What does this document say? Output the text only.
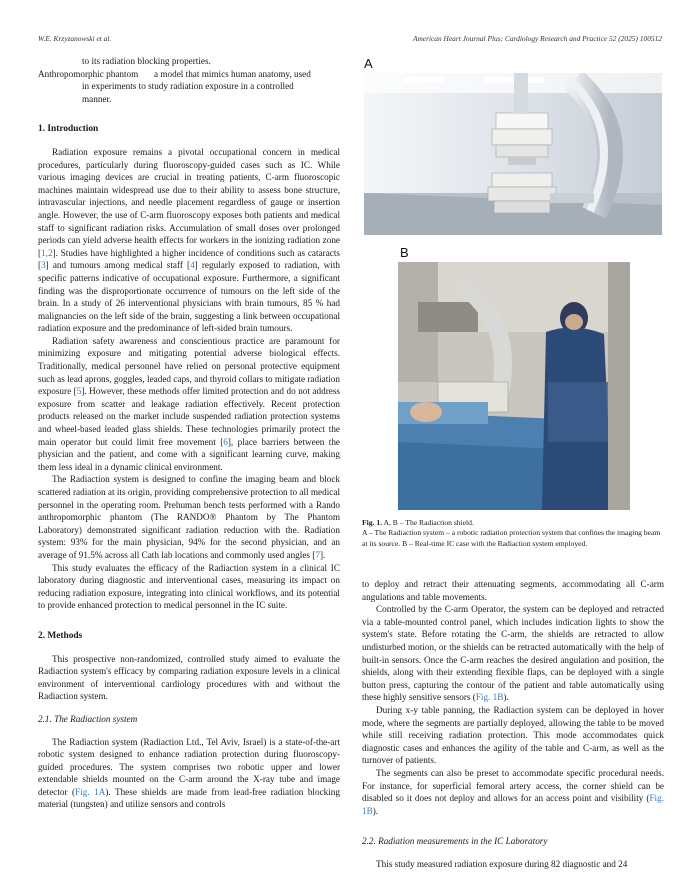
W.E. Krzyzanowski et al.	American Heart Journal Plus: Cardiology Research and Practice 52 (2025) 100512

to its radiation blocking properties.

Anthropomorphic phantom a model that mimics human anatomy, used

in experiments to study radiation exposure in a controlled

manner.

1. Introduction

Radiation exposure remains a pivotal occupational concern in medical procedures, particularly during fluoroscopy-guided cases such as IC. While various imaging devices are crucial in treating patients, C-arm fluoroscopic machines maintain widespread use due to their ability to assess bone structure, intravascular injections, and needle placement regardless of gauge or insertion angle. However, the use of C-arm fluoroscopy exposes both patients and medical staff to significant radiation risks. Accumulation of small doses over prolonged periods can yield adverse health effects for workers in the ionizing radiation zone [1,2]. Studies have highlighted a higher incidence of conditions such as cataracts [3] and tumours among medical staff [4] regularly exposed to radiation, with specific patterns indicative of occupational exposure. Furthermore, a significant finding was the disproportionate occurrence of tumours on the left side of the brain. In a study of 26 interventional physicians with brain tumours, 85 % had malignancies on the left side of the brain, suggesting a link between occupational radiation exposure and the predominance of left-sided brain tumours.

Radiation safety awareness and conscientious practice are paramount for minimizing exposure and mitigating potential adverse biological effects. Traditionally, medical personnel have relied on personal protective equipment such as lead aprons, goggles, leaded caps, and thyroid collars to mitigate radiation exposure [5]. However, these methods offer limited protection and do not address exposure from scatter and leakage radiation effectively. Recent protection products released on the market include suspended radiation protection systems and wheel-based leaded glass shields. These technologies primarily protect the main operator but could limit free movement [6], place barriers between the physician and the patient, and come with a significant learning curve, making them less ideal in a dynamic clinical environment.

The Radiaction system is designed to confine the imaging beam and block scattered radiation at its origin, providing comprehensive protection to all medical personnel in the operating room. Prehuman bench tests performed with a Rando anthropomorphic phantom (The RANDO® Phantom by The Phantom Laboratory) demonstrated significant radiation reduction with the. Radiation system: 93% for the main physician, 94% for the second physician, and an average of 91.5% across all Cath lab locations and commonly used angles [7].

This study evaluates the efficacy of the Radiaction system in a clinical IC laboratory during diagnostic and interventional cases, measuring its impact on reducing radiation exposure, integrating into clinical workflows, and its potential to provide enhanced protection to medical personnel in the IC suite.

2. Methods

This prospective non-randomized, controlled study aimed to evaluate the Radiaction system's efficacy by comparing radiation exposure levels in a clinical environment of interventional cardiology procedures with and without the Radiaction system.

2.1. The Radiaction system

The Radiaction system (Radiaction Ltd., Tel Aviv, Israel) is a state-of-the-art robotic system designed to enhance radiation protection during fluoroscopy-guided procedures. The system comprises two robotic upper and lower extendable shields mounted on the C-arm around the X-ray tube and image detector (Fig. 1A). These shields are made from lead-free radiation blocking material (tungsten) and utilize sensors and controls

A
B

Fig. 1. A, B – The Radiaction shield.

A – The Radiaction system – a robotic radiation protection system that confines the imaging beam at its source. B – Real-time IC case with the Radiaction system employed.

to deploy and retract their attenuating segments, accommodating all C-arm angulations and table movements.

Controlled by the C-arm Operator, the system can be deployed and retracted via a table-mounted control panel, which includes indication lights to show the system's state. Before rotating the C-arm, the shields are retracted to allow undisturbed motion, or the shields can be retracted automatically with the help of built-in sensors. Once the C-arm reaches the desired angulation and position, the shields, along with their extending flexible flaps, can be deployed with a single button press, capturing the contour of the patient and table automatically using these highly sensitive sensors (Fig. 1B).

During x-y table panning, the Radiaction system can be deployed in hover mode, where the segments are partially deployed, allowing the table to be moved while still receiving radiation protection. This mode accommodates quick diagnostic cases and enhances the agility of the table and C-arm, as well as the turnover of patients.

The segments can also be preset to accommodate specific procedural needs. For instance, for superficial femoral artery access, the corner shield can be disabled so it does not deploy and allows for an access point and visibility (Fig. 1B).

2.2. Radiation measurements in the IC Laboratory

This study measured radiation exposure during 82 diagnostic and 24
